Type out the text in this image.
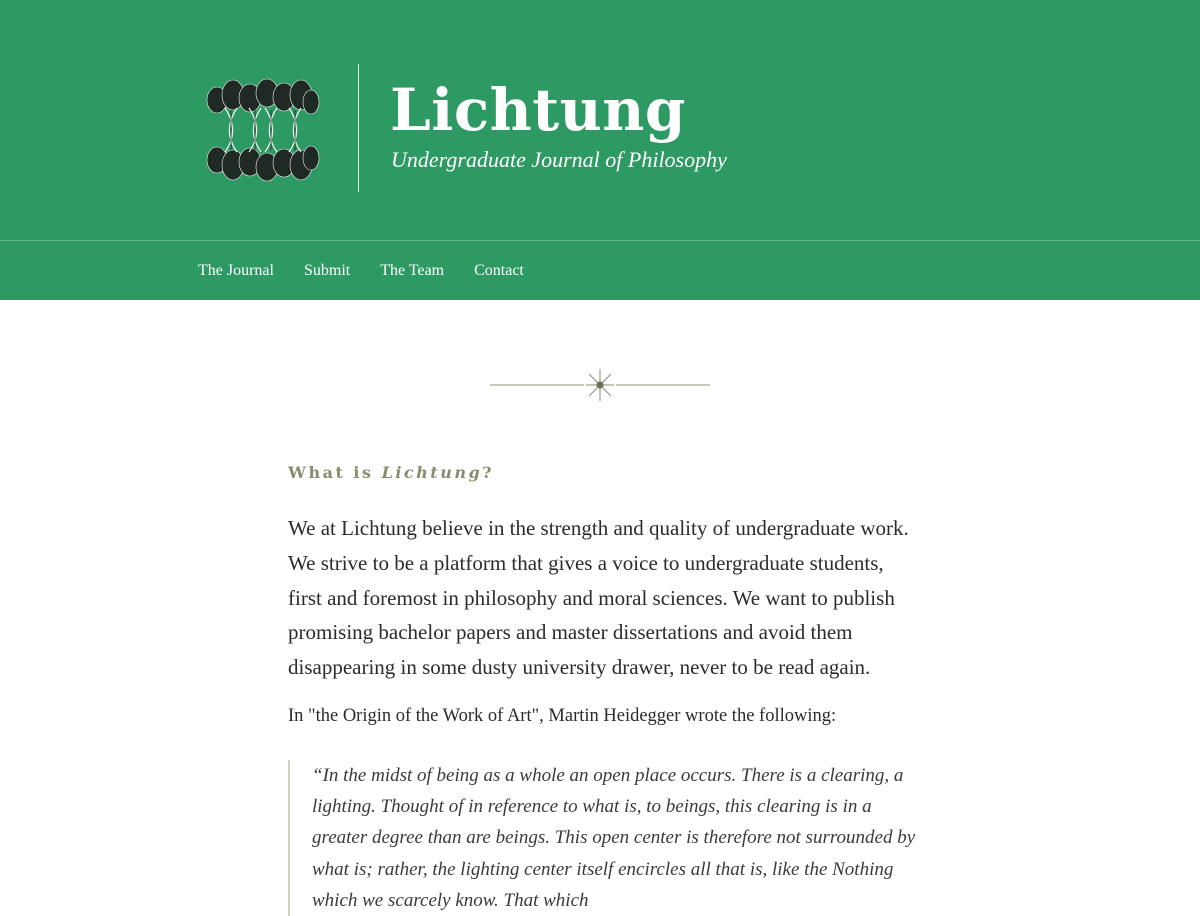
Lichtung
Undergraduate Journal of Philosophy
The Journal Submit The Team Contact
What is Lichtung?

We at Lichtung believe in the strength and quality of undergraduate work. We strive to be a platform that gives a voice to undergraduate students, first and foremost in philosophy and moral sciences. We want to publish promising bachelor papers and master dissertations and avoid them disappearing in some dusty university drawer, never to be read again.

In "the Origin of the Work of Art", Martin Heidegger wrote the following:

“In the midst of being as a whole an open place occurs. There is a clearing, a lighting. Thought of in reference to what is, to beings, this clearing is in a greater degree than are beings. This open center is therefore not surrounded by what is; rather, the lighting center itself encircles all that is, like the Nothing which we scarcely know. That which
